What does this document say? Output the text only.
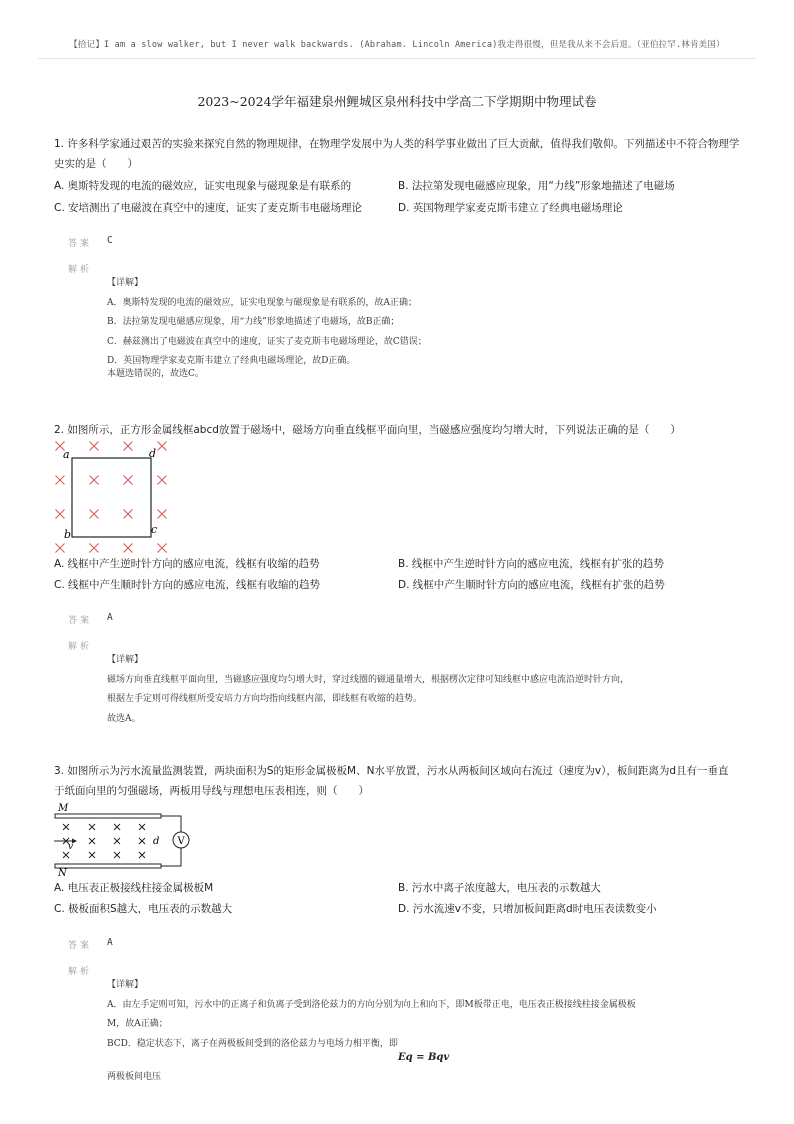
【拾记】I am a slow walker, but I never walk backwards. (Abraham. Lincoln America)我走得很慢，但是我从来不会后退。（亚伯拉罕.林肯美国）
2023~2024学年福建泉州鲤城区泉州科技中学高二下学期期中物理试卷
1. 许多科学家通过艰苦的实验来探究自然的物理规律，在物理学发展中为人类的科学事业做出了巨大贡献，值得我们敬仰。下列描述中不符合物理学
史实的是（　　）
A. 奥斯特发现的电流的磁效应，证实电现象与磁现象是有联系的	B. 法拉第发现电磁感应现象，用“力线”形象地描述了电磁场
C. 安培测出了电磁波在真空中的速度，证实了麦克斯韦电磁场理论	D. 英国物理学家麦克斯韦建立了经典电磁场理论
答案 C
解析
【详解】
A．奥斯特发现的电流的磁效应，证实电现象与磁现象是有联系的，故A正确；
B．法拉第发现电磁感应现象，用“力线”形象地描述了电磁场，故B正确；
C．赫兹测出了电磁波在真空中的速度，证实了麦克斯韦电磁场理论，故C错误；
D．英国物理学家麦克斯韦建立了经典电磁场理论，故D正确。
本题选错误的，故选C。
2. 如图所示，正方形金属线框abcd放置于磁场中，磁场方向垂直线框平面向里，当磁感应强度均匀增大时，下列说法正确的是（　　）
a	d
b	c
A. 线框中产生逆时针方向的感应电流，线框有收缩的趋势	B. 线框中产生逆时针方向的感应电流，线框有扩张的趋势
C. 线框中产生顺时针方向的感应电流，线框有收缩的趋势	D. 线框中产生顺时针方向的感应电流，线框有扩张的趋势
答案 A
解析
【详解】
磁场方向垂直线框平面向里，当磁感应强度均匀增大时，穿过线圈的磁通量增大，根据楞次定律可知线框中感应电流沿逆时针方向，
根据左手定则可得线框所受安培力方向均指向线框内部，即线框有收缩的趋势。
故选A。
3. 如图所示为污水流量监测装置，两块面积为S的矩形金属极板M、N水平放置，污水从两板间区域向右流过（速度为v），板间距离为d且有一垂直
于纸面向里的匀强磁场，两板用导线与理想电压表相连，则（　　）
M
N
v	d V
A. 电压表正极接线柱接金属极板M	B. 污水中离子浓度越大，电压表的示数越大
C. 极板面积S越大，电压表的示数越大	D. 污水流速v不变，只增加板间距离d时电压表读数变小
答案 A
解析
【详解】
A．由左手定则可知，污水中的正离子和负离子受到洛伦兹力的方向分别为向上和向下，即M板带正电，电压表正极接线柱接金属极板
M，故A正确；
BCD．稳定状态下，离子在两极板间受到的洛伦兹力与电场力相平衡，即
Eq = Bqv
两极板间电压
